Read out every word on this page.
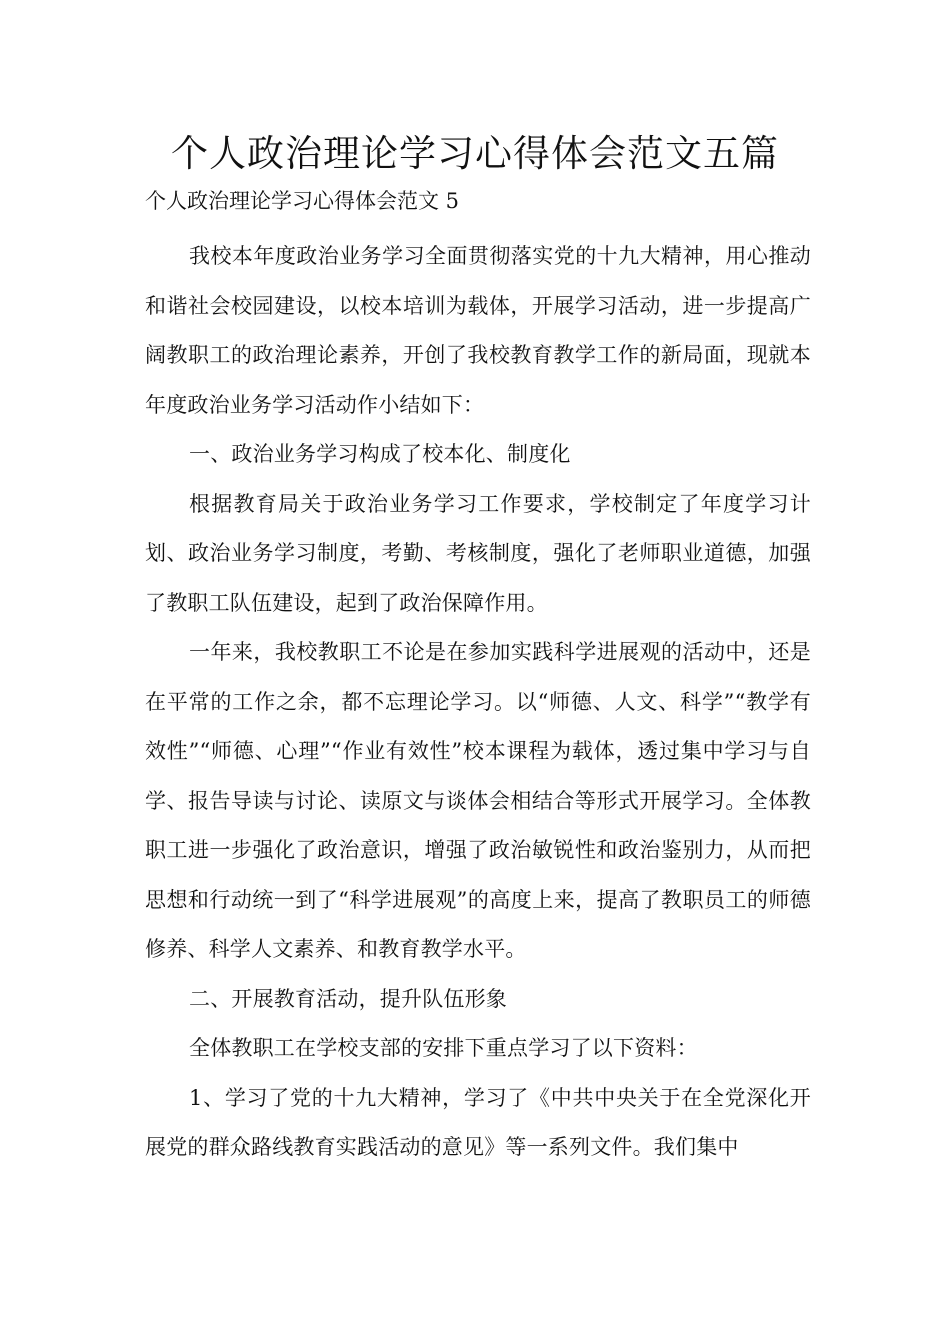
个人政治理论学习心得体会范文五篇
个人政治理论学习心得体会范文 5

我校本年度政治业务学习全面贯彻落实党的十九大精神，用心推动和谐社会校园建设，以校本培训为载体，开展学习活动，进一步提高广阔教职工的政治理论素养，开创了我校教育教学工作的新局面，现就本年度政治业务学习活动作小结如下：

一、政治业务学习构成了校本化、制度化

根据教育局关于政治业务学习工作要求，学校制定了年度学习计划、政治业务学习制度，考勤、考核制度，强化了老师职业道德，加强了教职工队伍建设，起到了政治保障作用。

一年来，我校教职工不论是在参加实践科学进展观的活动中，还是在平常的工作之余，都不忘理论学习。以“师德、人文、科学”“教学有效性”“师德、心理”“作业有效性”校本课程为载体，透过集中学习与自学、报告导读与讨论、读原文与谈体会相结合等形式开展学习。全体教职工进一步强化了政治意识，增强了政治敏锐性和政治鉴别力，从而把思想和行动统一到了“科学进展观”的高度上来，提高了教职员工的师德修养、科学人文素养、和教育教学水平。

二、开展教育活动，提升队伍形象

全体教职工在学校支部的安排下重点学习了以下资料：

1、学习了党的十九大精神，学习了《中共中央关于在全党深化开展党的群众路线教育实践活动的意见》等一系列文件。我们集中
